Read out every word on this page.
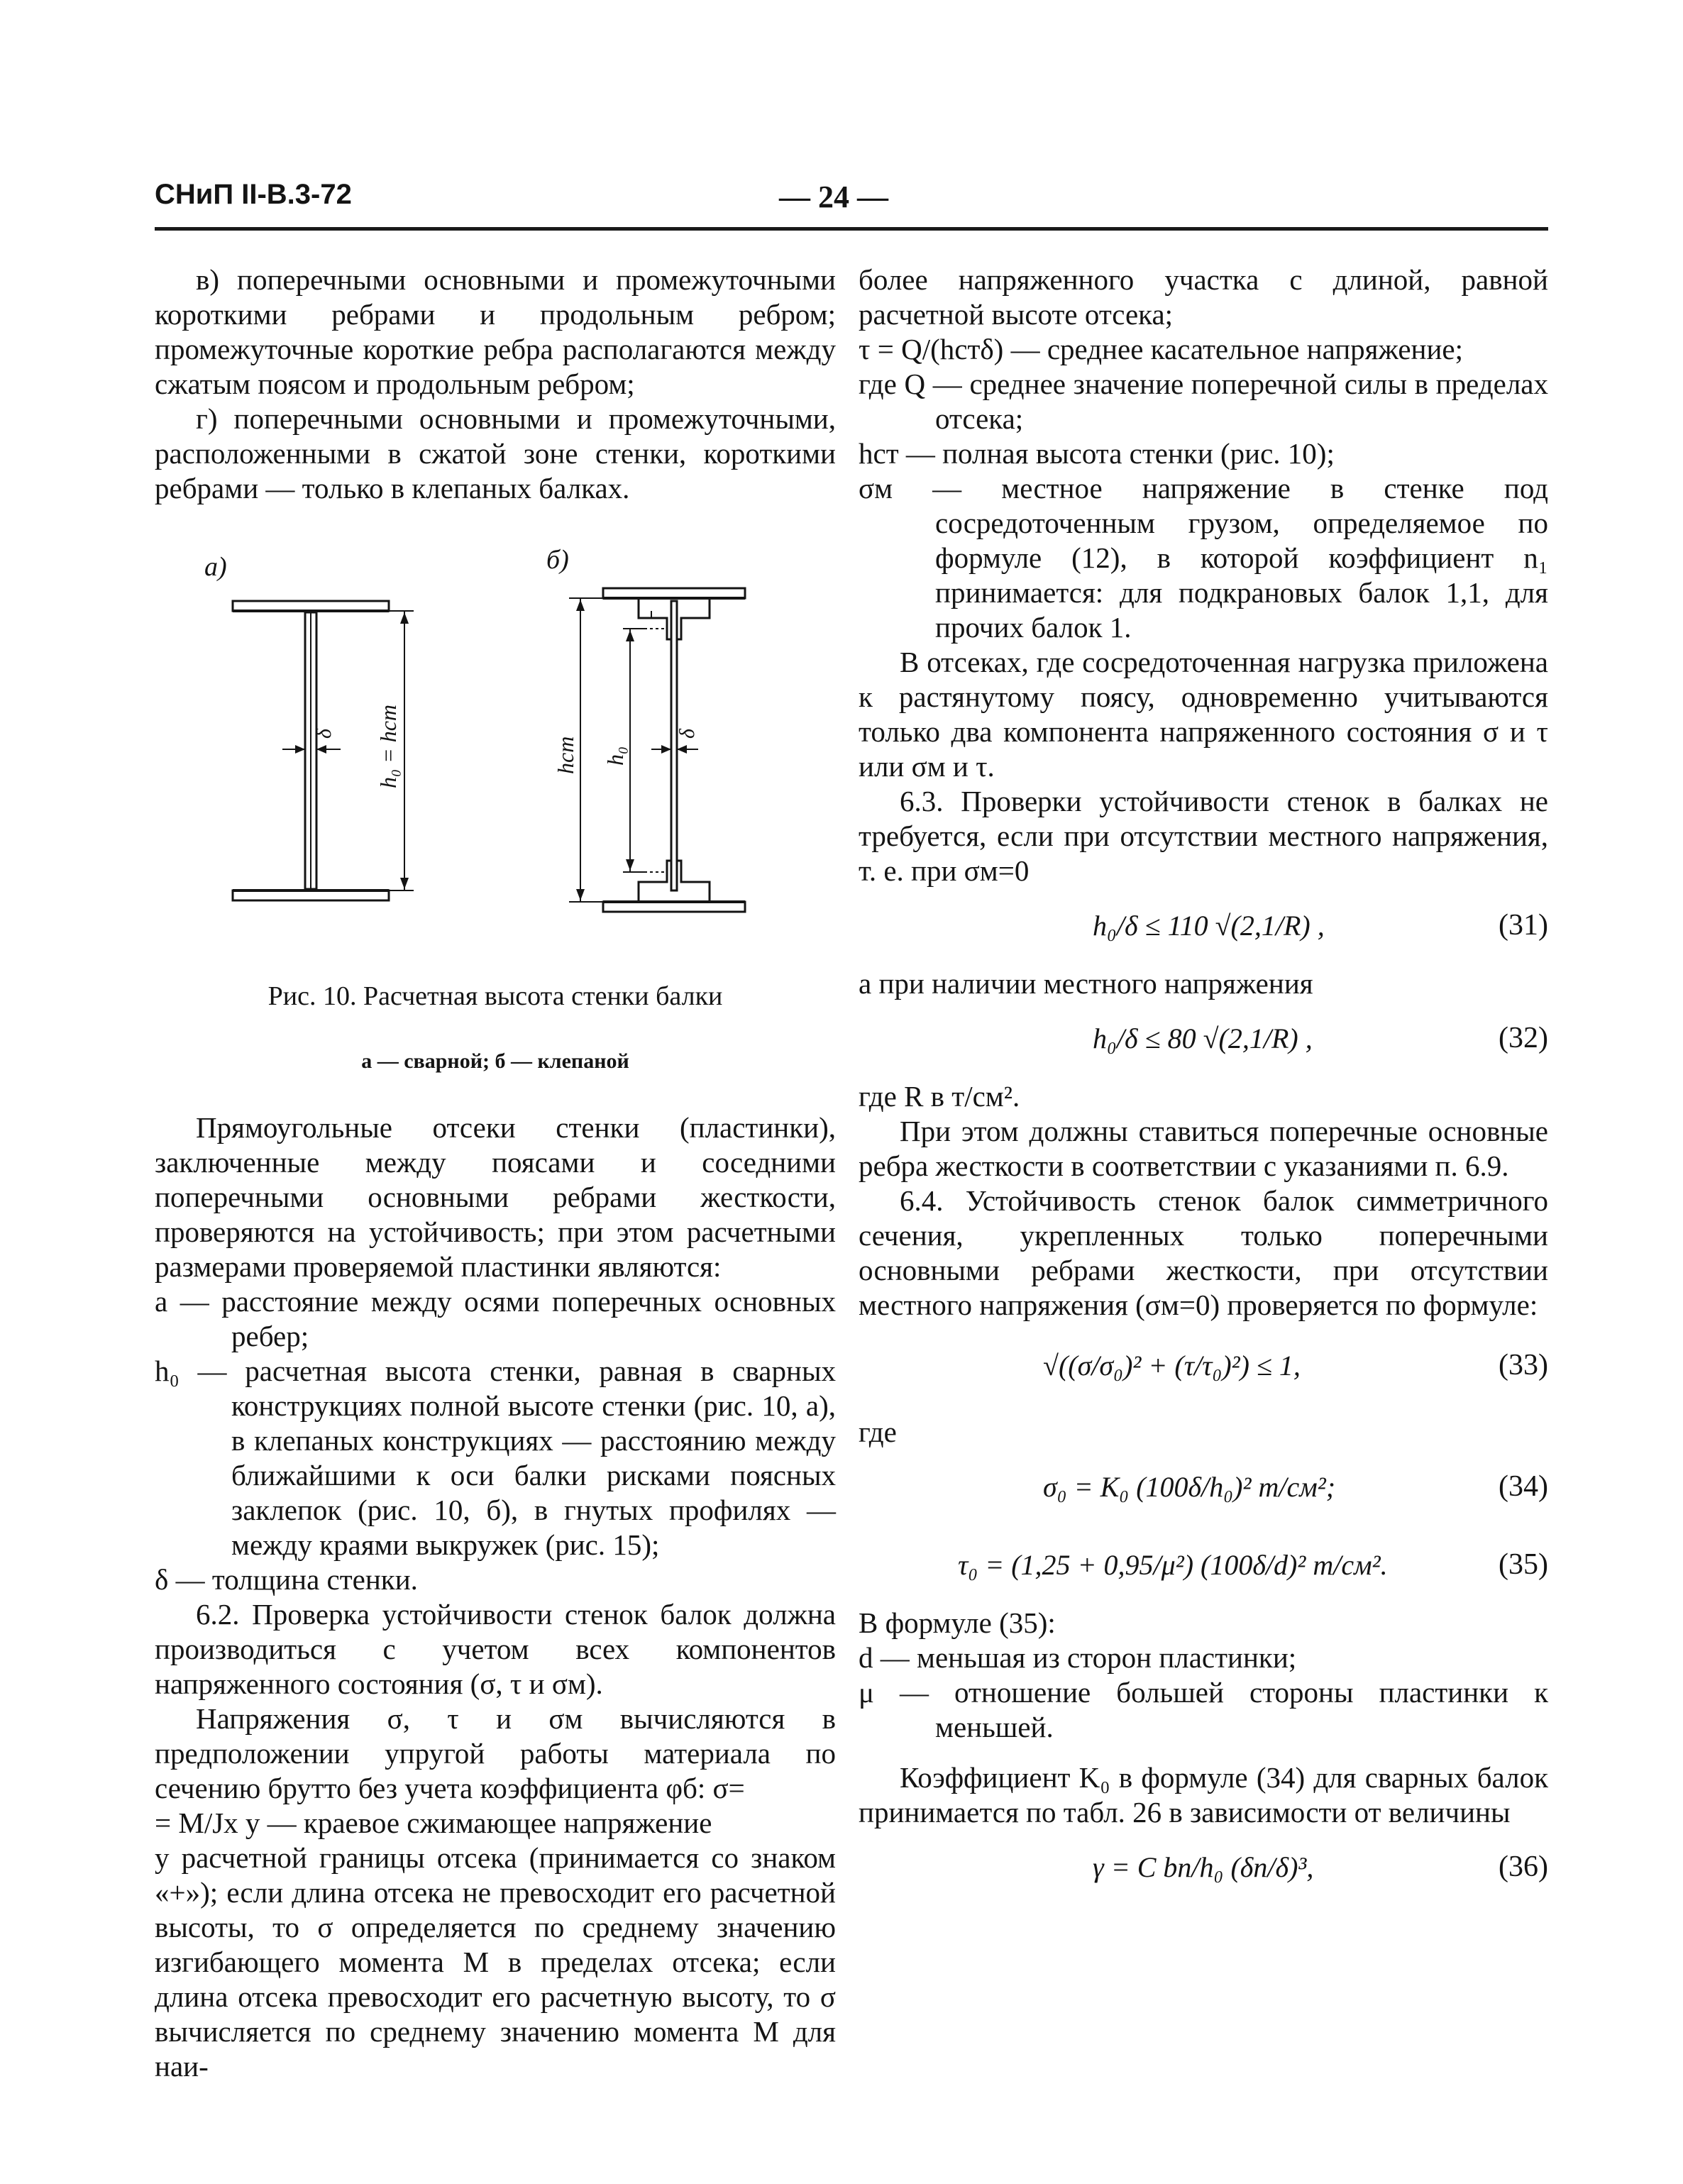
СНиП II-В.3-72	— 24 —

в) поперечными основными и промежуточными короткими ребрами и продольным ребром; промежуточные короткие ребра располагаются между сжатым поясом и продольным ребром;

г) поперечными основными и промежуточными, расположенными в сжатой зоне стенки, короткими ребрами — только в клепаных балках.

а)
δ h₀ = hcm
б)
hcm h₀
δ
Рис. 10. Расчетная высота стенки балки
а — сварной; б — клепаной

Прямоугольные отсеки стенки (пластинки), заключенные между поясами и соседними поперечными основными ребрами жесткости, проверяются на устойчивость; при этом расчетными размерами проверяемой пластинки являются:

a — расстояние между осями поперечных основных ребер;

h₀ — расчетная высота стенки, равная в сварных конструкциях полной высоте стенки (рис. 10, а), в клепаных конструкциях — расстоянию между ближайшими к оси балки рисками поясных заклепок (рис. 10, б), в гнутых профилях — между краями выкружек (рис. 15);

δ — толщина стенки.

6.2. Проверка устойчивости стенок балок должна производиться с учетом всех компонентов напряженного состояния (σ, τ и σм).

Напряжения σ, τ и σм вычисляются в предположении упругой работы материала по сечению брутто без учета коэффициента φб: σ=

= M/Jx y — краевое сжимающее напряжение

у расчетной границы отсека (принимается со знаком «+»); если длина отсека не превосходит его расчетной высоты, то σ определяется по среднему значению изгибающего момента M в пределах отсека; если длина отсека превосходит его расчетную высоту, то σ вычисляется по среднему значению момента M для наи-

более напряженного участка с длиной, равной расчетной высоте отсека;

τ = Q/(hстδ) — среднее касательное напряжение;

где Q — среднее значение поперечной силы в пределах отсека;

hст — полная высота стенки (рис. 10);

σм — местное напряжение в стенке под сосредоточенным грузом, определяемое по формуле (12), в которой коэффициент n₁ принимается: для подкрановых балок 1,1, для прочих балок 1.

В отсеках, где сосредоточенная нагрузка приложена к растянутому поясу, одновременно учитываются только два компонента напряженного состояния σ и τ или σм и τ.

6.3. Проверки устойчивости стенок в балках не требуется, если при отсутствии местного напряжения, т. е. при σм=0

h₀/δ ≤ 110 √(2,1/R) ,	(31)

а при наличии местного напряжения

h₀/δ ≤ 80 √(2,1/R) ,	(32)

где R в т/см².

При этом должны ставиться поперечные основные ребра жесткости в соответствии с указаниями п. 6.9.

6.4. Устойчивость стенок балок симметричного сечения, укрепленных только поперечными основными ребрами жесткости, при отсутствии местного напряжения (σм=0) проверяется по формуле:

√((σ/σ₀)² + (τ/τ₀)²) ≤ 1,	(33)

где

σ₀ = K₀ (100δ/h₀)² т/см²;	(34)
τ₀ = (1,25 + 0,95/μ²) (100δ/d)² т/см².	(35)

В формуле (35):

d — меньшая из сторон пластинки;

μ — отношение большей стороны пластинки к меньшей.

Коэффициент K₀ в формуле (34) для сварных балок принимается по табл. 26 в зависимости от величины

γ = C bп/h₀ (δп/δ)³,	(36)
